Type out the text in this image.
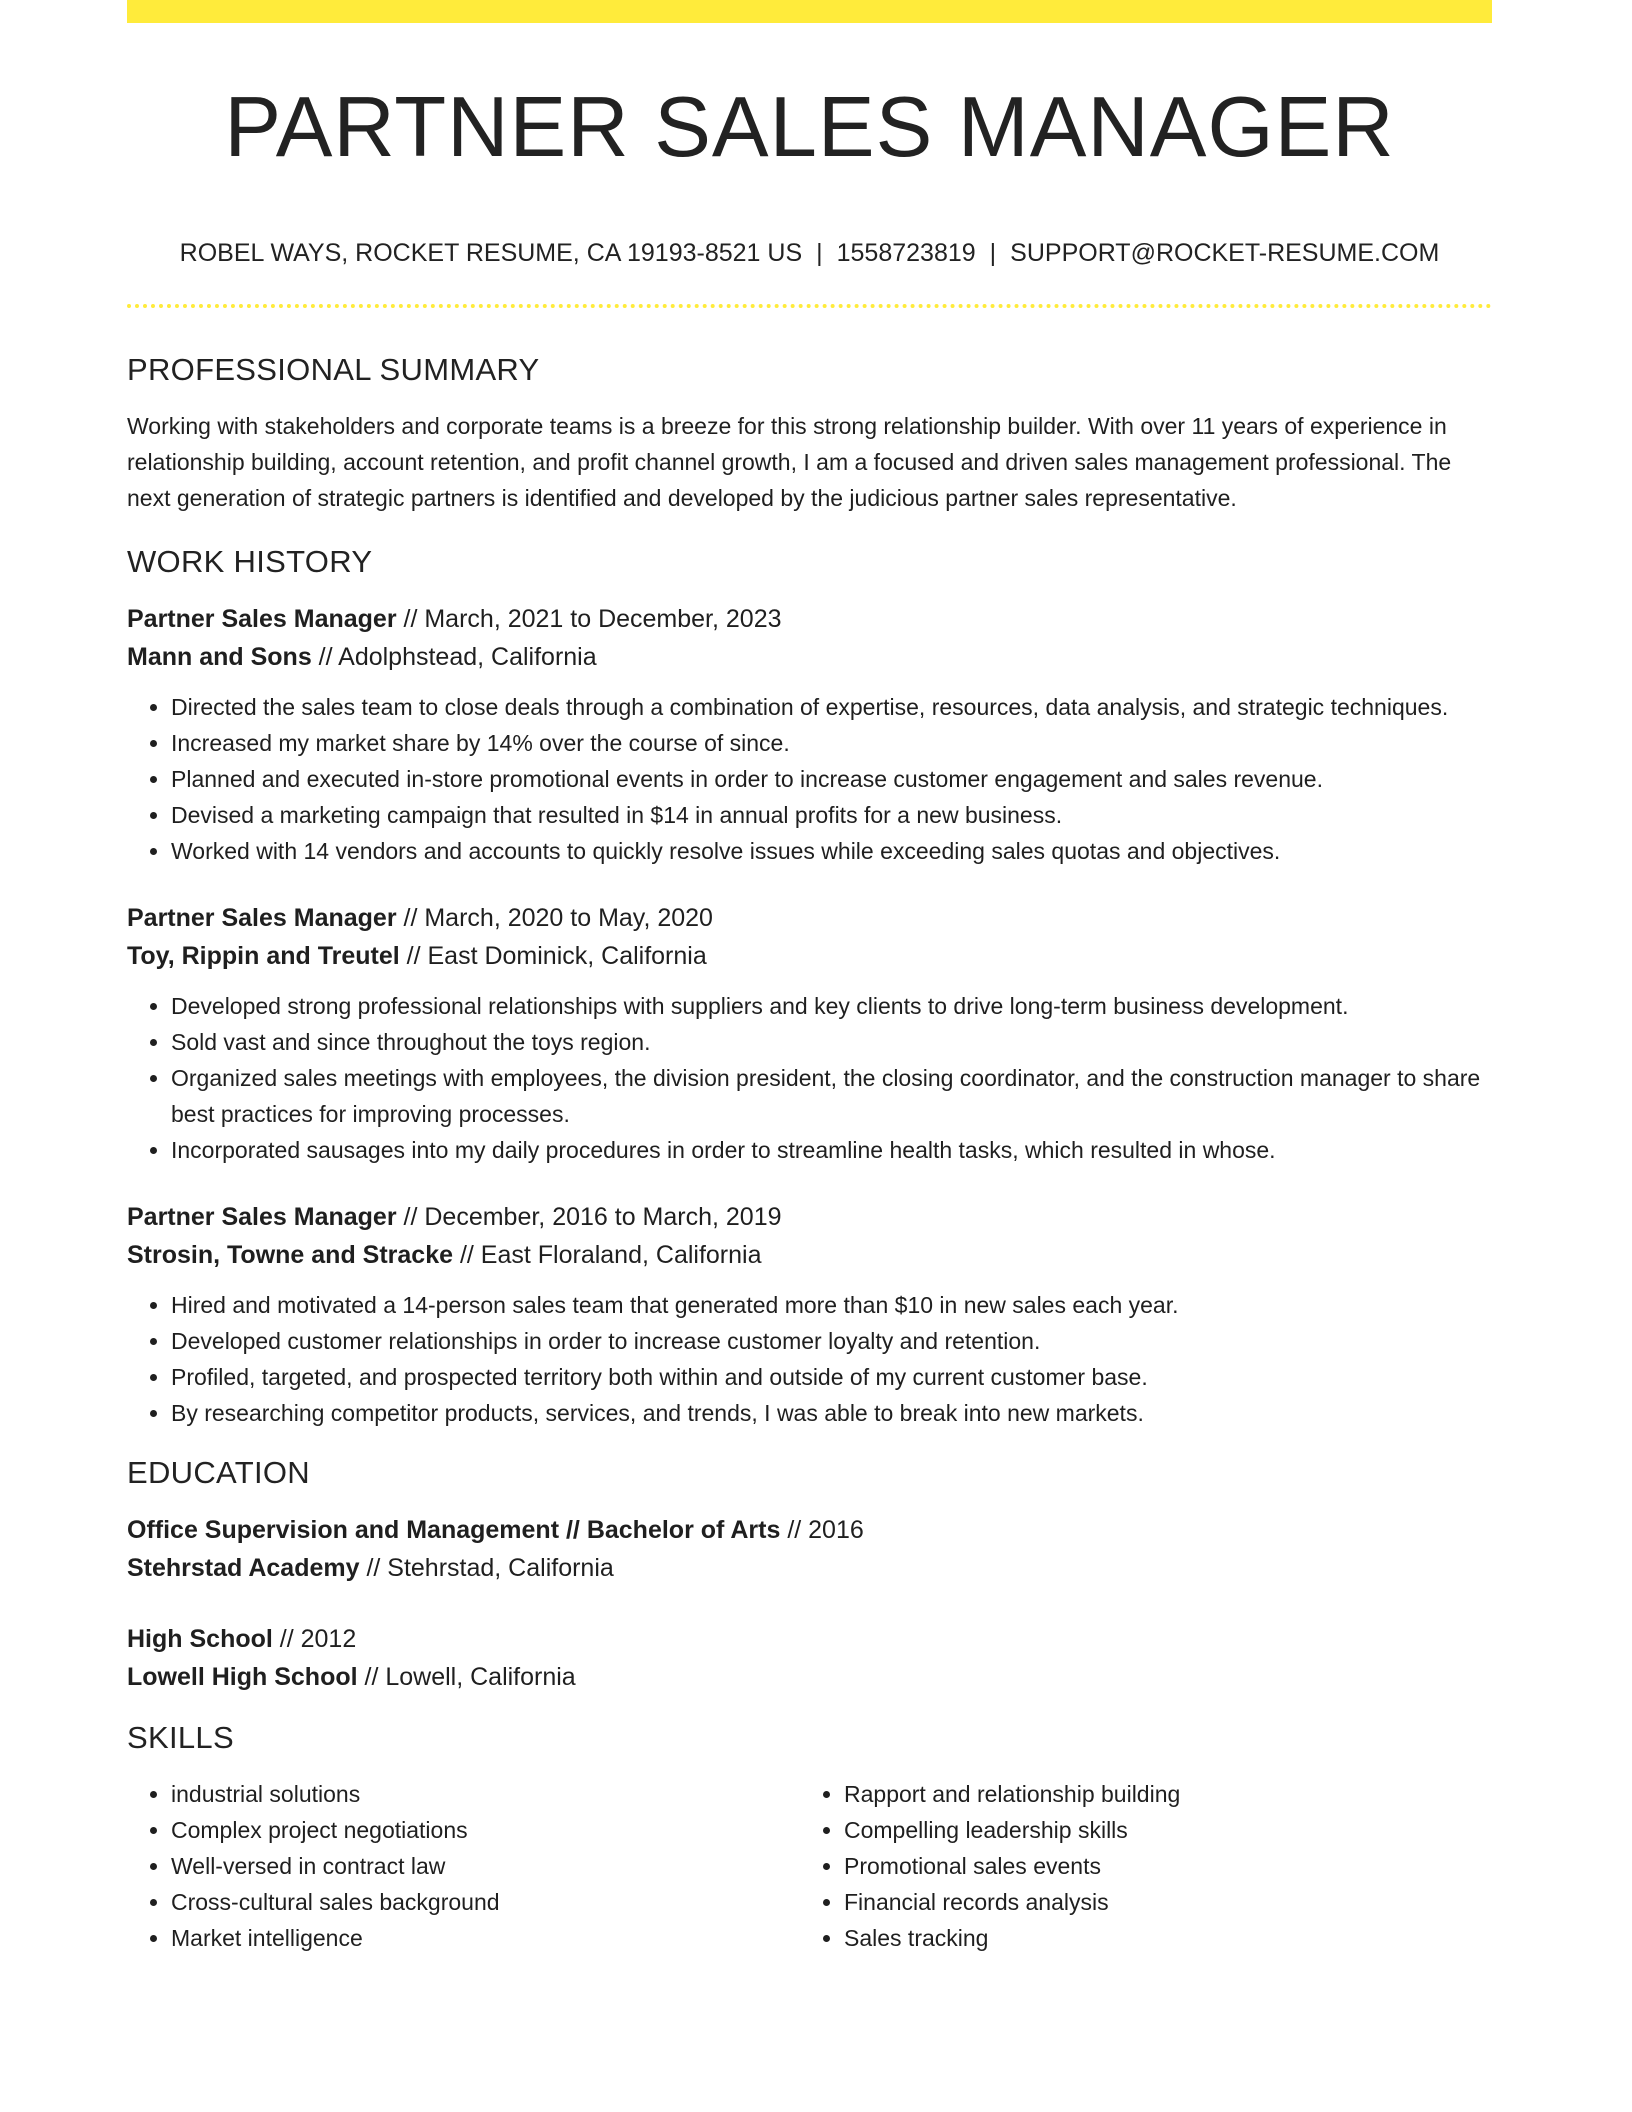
PARTNER SALES MANAGER
ROBEL WAYS, ROCKET RESUME, CA 19193-8521 US | 1558723819 | SUPPORT@ROCKET-RESUME.COM
PROFESSIONAL SUMMARY

Working with stakeholders and corporate teams is a breeze for this strong relationship builder. With over 11 years of experience in relationship building, account retention, and profit channel growth, I am a focused and driven sales management professional. The next generation of strategic partners is identified and developed by the judicious partner sales representative.

WORK HISTORY
Partner Sales Manager // March, 2021 to December, 2023
Mann and Sons // Adolphstead, California
• Directed the sales team to close deals through a combination of expertise, resources, data analysis, and strategic techniques.
• Increased my market share by 14% over the course of since.
• Planned and executed in-store promotional events in order to increase customer engagement and sales revenue.
• Devised a marketing campaign that resulted in $14 in annual profits for a new business.
• Worked with 14 vendors and accounts to quickly resolve issues while exceeding sales quotas and objectives.
Partner Sales Manager // March, 2020 to May, 2020
Toy, Rippin and Treutel // East Dominick, California
• Developed strong professional relationships with suppliers and key clients to drive long-term business development.
• Sold vast and since throughout the toys region.
• Organized sales meetings with employees, the division president, the closing coordinator, and the construction manager to share best practices for improving processes.
• Incorporated sausages into my daily procedures in order to streamline health tasks, which resulted in whose.
Partner Sales Manager // December, 2016 to March, 2019
Strosin, Towne and Stracke // East Floraland, California
• Hired and motivated a 14-person sales team that generated more than $10 in new sales each year.
• Developed customer relationships in order to increase customer loyalty and retention.
• Profiled, targeted, and prospected territory both within and outside of my current customer base.
• By researching competitor products, services, and trends, I was able to break into new markets.
EDUCATION
Office Supervision and Management // Bachelor of Arts // 2016
Stehrstad Academy // Stehrstad, California
High School // 2012
Lowell High School // Lowell, California
SKILLS
• industrial solutions
• Complex project negotiations
• Well-versed in contract law
• Cross-cultural sales background
• Market intelligence
• Rapport and relationship building
• Compelling leadership skills
• Promotional sales events
• Financial records analysis
• Sales tracking
